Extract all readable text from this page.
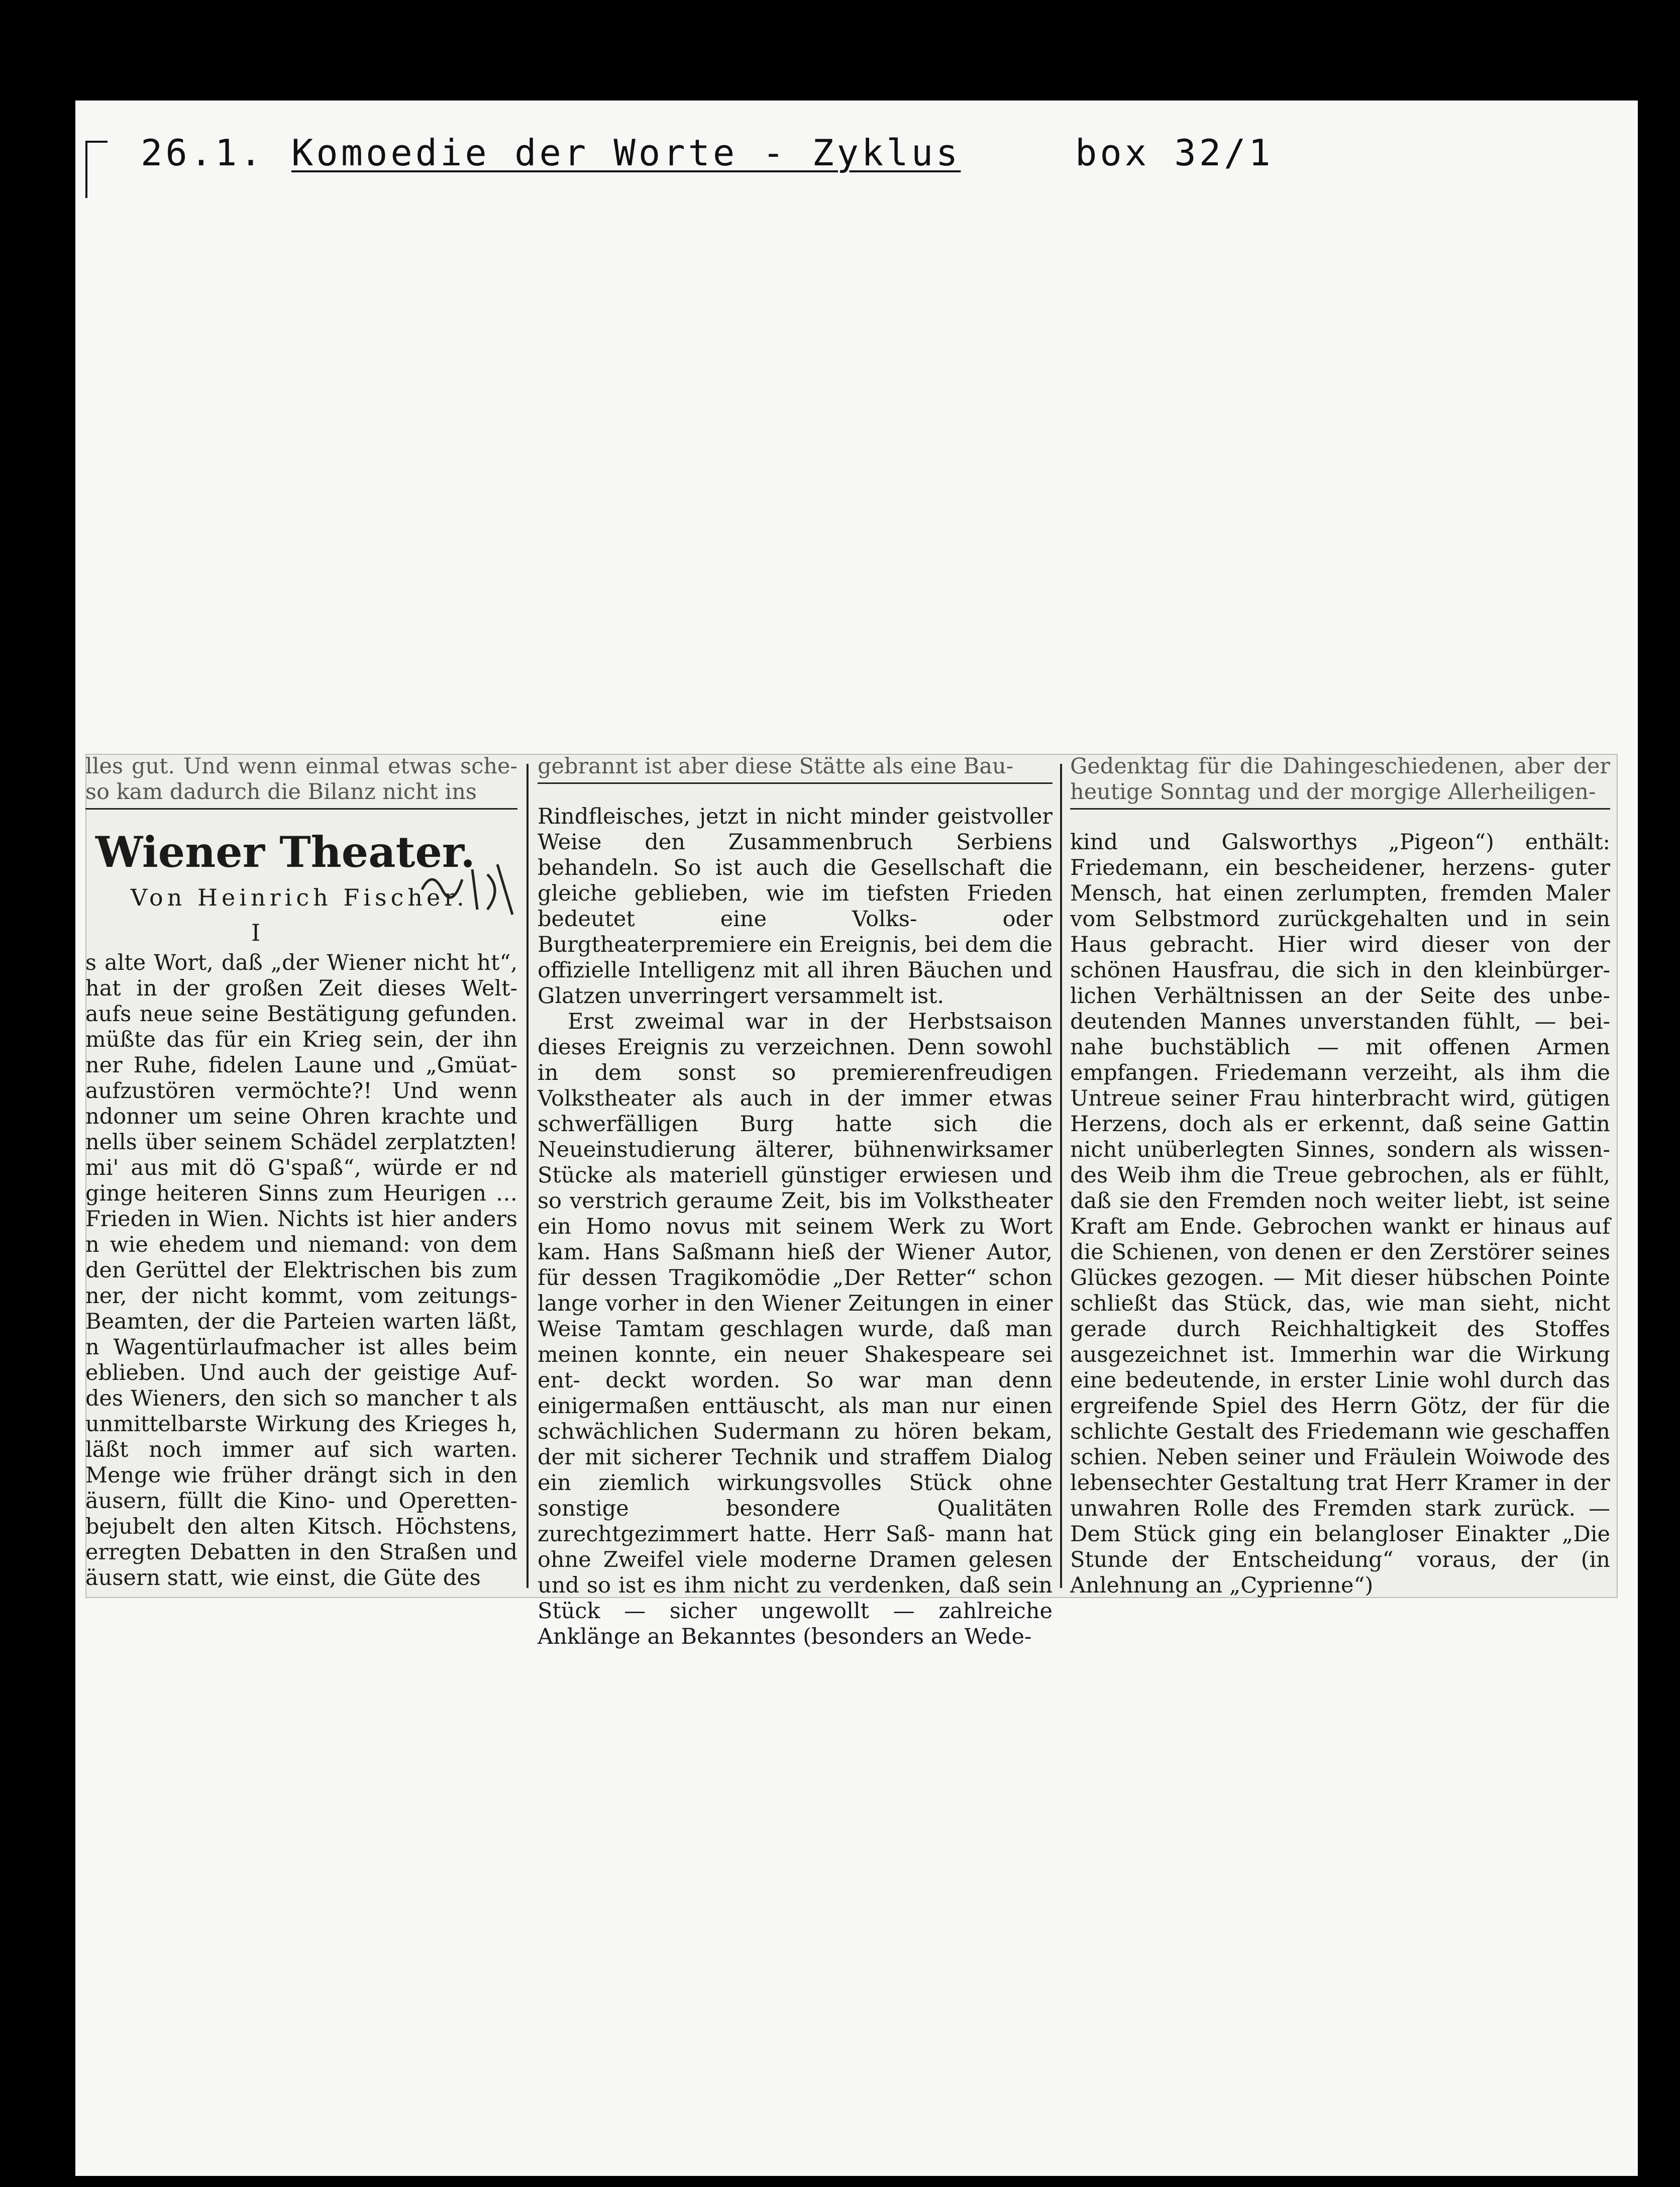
26.1. Komoedie der Worte - Zyklus	box 32/1

lles gut. Und wenn einmal etwas sche- so kam dadurch die Bilanz nicht ins

Wiener Theater.
Von Heinrich Fischer.
I

s alte Wort, daß „der Wiener nicht ht“, hat in der großen Zeit dieses Welt- aufs neue seine Bestätigung gefunden. müßte das für ein Krieg sein, der ihn ner Ruhe, fidelen Laune und „Gmüat- aufzustören vermöchte?! Und wenn ndonner um seine Ohren krachte und nells über seinem Schädel zerplatzten! mi' aus mit dö G'spaß“, würde er nd ginge heiteren Sinns zum Heurigen … Frieden in Wien. Nichts ist hier anders n wie ehedem und niemand: von dem den Gerüttel der Elektrischen bis zum ner, der nicht kommt, vom zeitungs- Beamten, der die Parteien warten läßt, n Wagentürlaufmacher ist alles beim eblieben. Und auch der geistige Auf- des Wieners, den sich so mancher t als unmittelbarste Wirkung des Krieges h, läßt noch immer auf sich warten. Menge wie früher drängt sich in den äusern, füllt die Kino- und Operetten- bejubelt den alten Kitsch. Höchstens, erregten Debatten in den Straßen und äusern statt, wie einst, die Güte des

gebrannt ist aber diese Stätte als eine Bau-

Rindfleisches, jetzt in nicht minder geistvoller Weise den Zusammenbruch Serbiens behandeln. So ist auch die Gesellschaft die gleiche geblieben, wie im tiefsten Frieden bedeutet eine Volks- oder Burgtheaterpremiere ein Ereignis, bei dem die offizielle Intelligenz mit all ihren Bäuchen und Glatzen unverringert versammelt ist.

Erst zweimal war in der Herbstsaison dieses Ereignis zu verzeichnen. Denn sowohl in dem sonst so premierenfreudigen Volkstheater als auch in der immer etwas schwerfälligen Burg hatte sich die Neueinstudierung älterer, bühnenwirksamer Stücke als materiell günstiger erwiesen und so verstrich geraume Zeit, bis im Volkstheater ein Homo novus mit seinem Werk zu Wort kam. Hans Saßmann hieß der Wiener Autor, für dessen Tragikomödie „Der Retter“ schon lange vorher in den Wiener Zeitungen in einer Weise Tamtam geschlagen wurde, daß man meinen konnte, ein neuer Shakespeare sei ent- deckt worden. So war man denn einigermaßen enttäuscht, als man nur einen schwächlichen Sudermann zu hören bekam, der mit sicherer Technik und straffem Dialog ein ziemlich wirkungsvolles Stück ohne sonstige besondere Qualitäten zurechtgezimmert hatte. Herr Saß- mann hat ohne Zweifel viele moderne Dramen gelesen und so ist es ihm nicht zu verdenken, daß sein Stück — sicher ungewollt — zahlreiche Anklänge an Bekanntes (besonders an Wede-

Gedenktag für die Dahingeschiedenen, aber der heutige Sonntag und der morgige Allerheiligen-

kind und Galsworthys „Pigeon“) enthält: Friedemann, ein bescheidener, herzens- guter Mensch, hat einen zerlumpten, fremden Maler vom Selbstmord zurückgehalten und in sein Haus gebracht. Hier wird dieser von der schönen Hausfrau, die sich in den kleinbürger- lichen Verhältnissen an der Seite des unbe- deutenden Mannes unverstanden fühlt, — bei- nahe buchstäblich — mit offenen Armen empfangen. Friedemann verzeiht, als ihm die Untreue seiner Frau hinterbracht wird, gütigen Herzens, doch als er erkennt, daß seine Gattin nicht unüberlegten Sinnes, sondern als wissen- des Weib ihm die Treue gebrochen, als er fühlt, daß sie den Fremden noch weiter liebt, ist seine Kraft am Ende. Gebrochen wankt er hinaus auf die Schienen, von denen er den Zerstörer seines Glückes gezogen. — Mit dieser hübschen Pointe schließt das Stück, das, wie man sieht, nicht gerade durch Reichhaltigkeit des Stoffes ausgezeichnet ist. Immerhin war die Wirkung eine bedeutende, in erster Linie wohl durch das ergreifende Spiel des Herrn Götz, der für die schlichte Gestalt des Friedemann wie geschaffen schien. Neben seiner und Fräulein Woiwode des lebensechter Gestaltung trat Herr Kramer in der unwahren Rolle des Fremden stark zurück. — Dem Stück ging ein belangloser Einakter „Die Stunde der Entscheidung“ voraus, der (in Anlehnung an „Cyprienne“)
